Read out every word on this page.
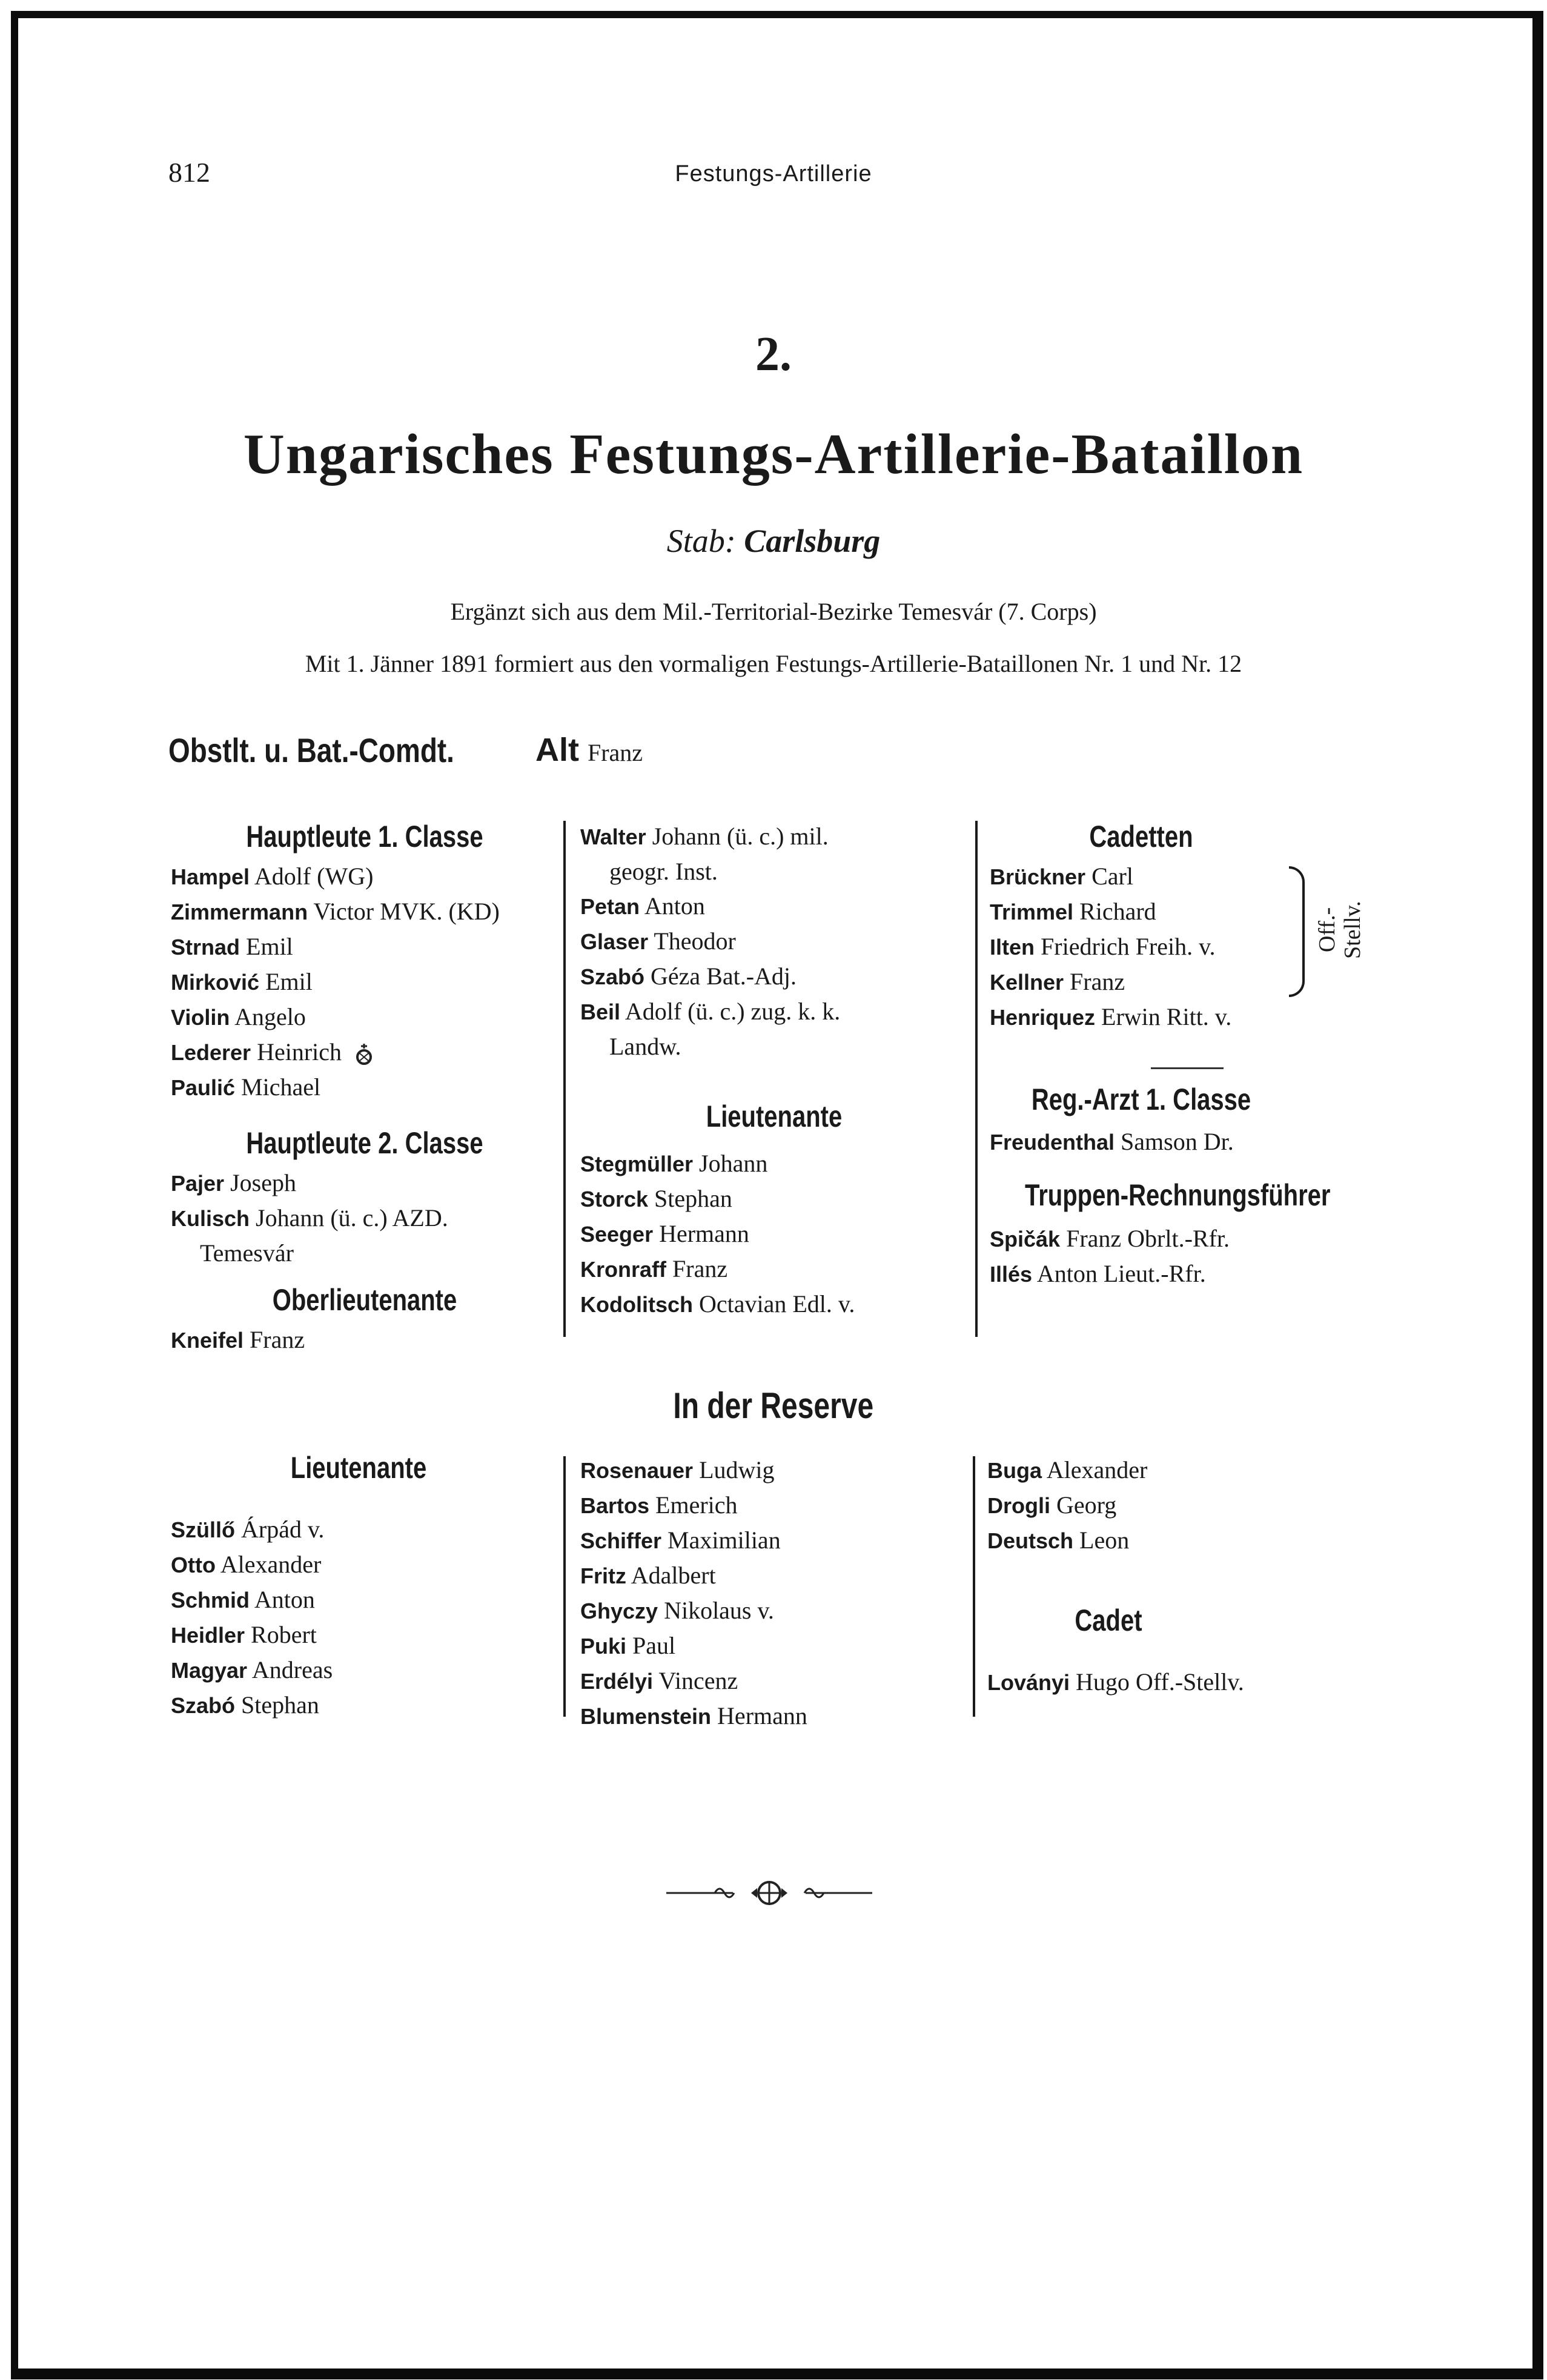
812	Festungs-Artillerie
2.
Ungarisches Festungs-Artillerie-Bataillon
Stab: Carlsburg
Ergänzt sich aus dem Mil.-Territorial-Bezirke Temesvár (7. Corps)
Mit 1. Jänner 1891 formiert aus den vormaligen Festungs-Artillerie-Bataillonen Nr. 1 und Nr. 12
Obstlt. u. Bat.-Comdt. Alt Franz
Hauptleute 1. Classe
Hampel Adolf (WG)
Zimmermann Victor MVK. (KD)
Strnad Emil
Mirković Emil
Violin Angelo
Lederer Heinrich
Paulić Michael
Hauptleute 2. Classe
Pajer Joseph
Kulisch Johann (ü. c.) AZD.
Temesvár
Oberlieutenante
Kneifel Franz
Walter Johann (ü. c.) mil.
geogr. Inst.
Petan Anton
Glaser Theodor
Szabó Géza Bat.-Adj.
Beil Adolf (ü. c.) zug. k. k.
Landw.
Lieutenante
Stegmüller Johann
Storck Stephan
Seeger Hermann
Kronraff Franz
Kodolitsch Octavian Edl. v.
Cadetten
Brückner Carl
Trimmel Richard
Ilten Friedrich Freih. v.
Kellner Franz
Henriquez Erwin Ritt. v.
Reg.-Arzt 1. Classe
Freudenthal Samson Dr.
Truppen-Rechnungsführer
Spičák Franz Obrlt.-Rfr.
Illés Anton Lieut.-Rfr.
Off.-
Stellv.
In der Reserve
Lieutenante
Szüllő Árpád v.
Otto Alexander
Schmid Anton
Heidler Robert
Magyar Andreas
Szabó Stephan
Rosenauer Ludwig
Bartos Emerich
Schiffer Maximilian
Fritz Adalbert
Ghyczy Nikolaus v.
Puki Paul
Erdélyi Vincenz
Blumenstein Hermann
Buga Alexander
Drogli Georg
Deutsch Leon
Cadet
Loványi Hugo Off.-Stellv.
